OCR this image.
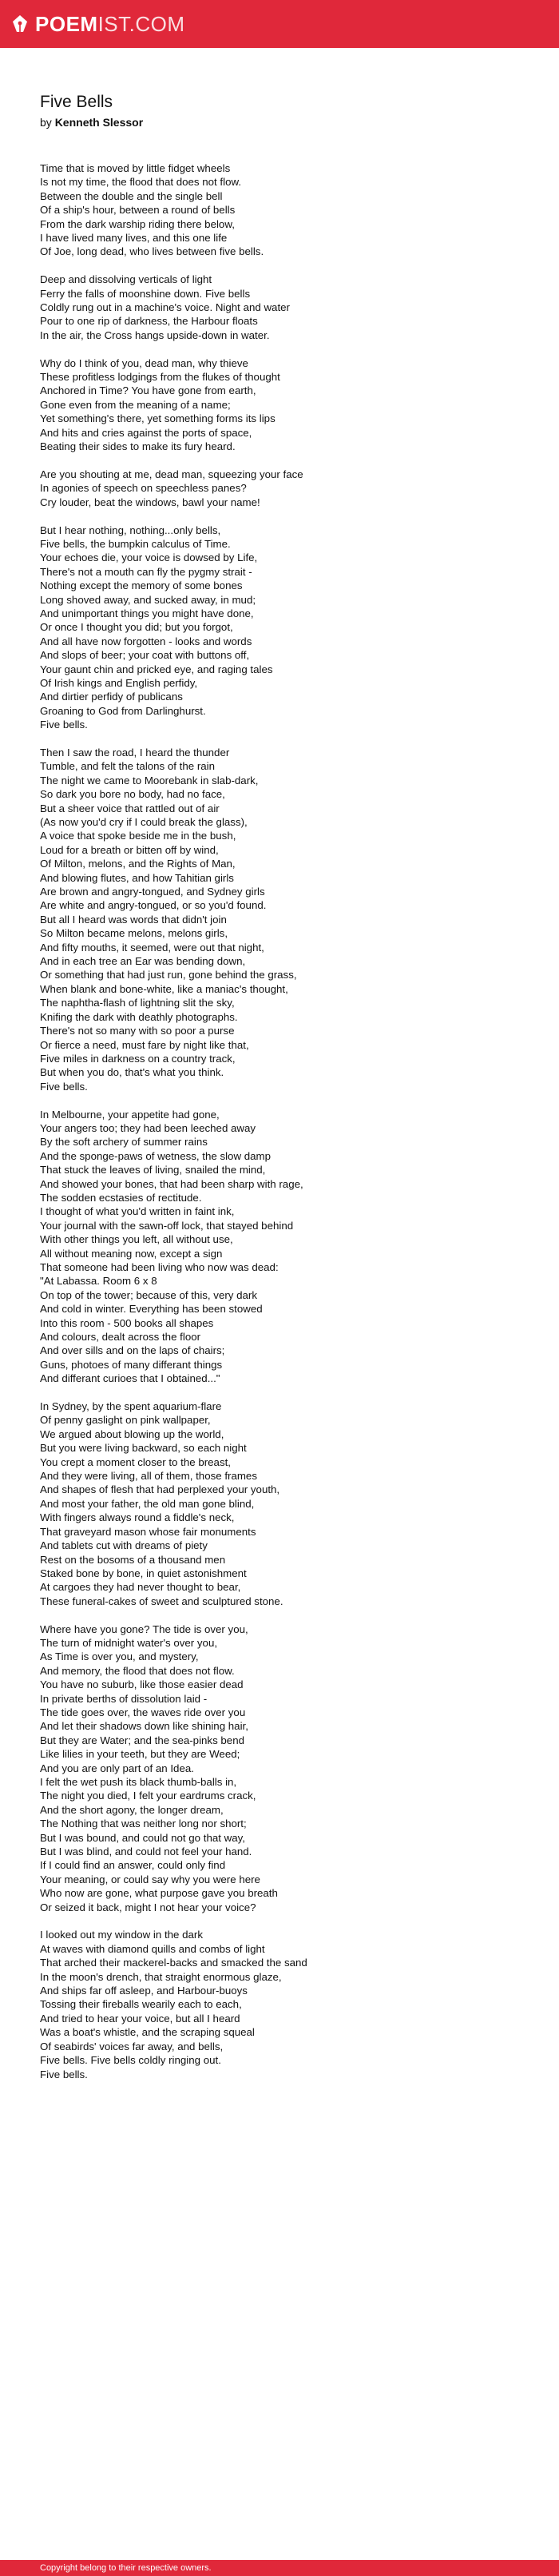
POEM IST.COM
Five Bells
by Kenneth Slessor

Time that is moved by little fidget wheels
Is not my time, the flood that does not flow.
Between the double and the single bell
Of a ship's hour, between a round of bells
From the dark warship riding there below,
I have lived many lives, and this one life
Of Joe, long dead, who lives between five bells.

Deep and dissolving verticals of light
Ferry the falls of moonshine down. Five bells
Coldly rung out in a machine's voice. Night and water
Pour to one rip of darkness, the Harbour floats
In the air, the Cross hangs upside-down in water.

Why do I think of you, dead man, why thieve
These profitless lodgings from the flukes of thought
Anchored in Time? You have gone from earth,
Gone even from the meaning of a name;
Yet something's there, yet something forms its lips
And hits and cries against the ports of space,
Beating their sides to make its fury heard.

Are you shouting at me, dead man, squeezing your face
In agonies of speech on speechless panes?
Cry louder, beat the windows, bawl your name!

But I hear nothing, nothing...only bells,
Five bells, the bumpkin calculus of Time.
Your echoes die, your voice is dowsed by Life,
There's not a mouth can fly the pygmy strait -
Nothing except the memory of some bones
Long shoved away, and sucked away, in mud;
And unimportant things you might have done,
Or once I thought you did; but you forgot,
And all have now forgotten - looks and words
And slops of beer; your coat with buttons off,
Your gaunt chin and pricked eye, and raging tales
Of Irish kings and English perfidy,
And dirtier perfidy of publicans
Groaning to God from Darlinghurst.
Five bells.

Then I saw the road, I heard the thunder
Tumble, and felt the talons of the rain
The night we came to Moorebank in slab-dark,
So dark you bore no body, had no face,
But a sheer voice that rattled out of air
(As now you'd cry if I could break the glass),
A voice that spoke beside me in the bush,
Loud for a breath or bitten off by wind,
Of Milton, melons, and the Rights of Man,
And blowing flutes, and how Tahitian girls
Are brown and angry-tongued, and Sydney girls
Are white and angry-tongued, or so you'd found.
But all I heard was words that didn't join
So Milton became melons, melons girls,
And fifty mouths, it seemed, were out that night,
And in each tree an Ear was bending down,
Or something that had just run, gone behind the grass,
When blank and bone-white, like a maniac's thought,
The naphtha-flash of lightning slit the sky,
Knifing the dark with deathly photographs.
There's not so many with so poor a purse
Or fierce a need, must fare by night like that,
Five miles in darkness on a country track,
But when you do, that's what you think.
Five bells.

In Melbourne, your appetite had gone,
Your angers too; they had been leeched away
By the soft archery of summer rains
And the sponge-paws of wetness, the slow damp
That stuck the leaves of living, snailed the mind,
And showed your bones, that had been sharp with rage,
The sodden ecstasies of rectitude.
I thought of what you'd written in faint ink,
Your journal with the sawn-off lock, that stayed behind
With other things you left, all without use,
All without meaning now, except a sign
That someone had been living who now was dead:
"At Labassa. Room 6 x 8
On top of the tower; because of this, very dark
And cold in winter. Everything has been stowed
Into this room - 500 books all shapes
And colours, dealt across the floor
And over sills and on the laps of chairs;
Guns, photoes of many differant things
And differant curioes that I obtained..."

In Sydney, by the spent aquarium-flare
Of penny gaslight on pink wallpaper,
We argued about blowing up the world,
But you were living backward, so each night
You crept a moment closer to the breast,
And they were living, all of them, those frames
And shapes of flesh that had perplexed your youth,
And most your father, the old man gone blind,
With fingers always round a fiddle's neck,
That graveyard mason whose fair monuments
And tablets cut with dreams of piety
Rest on the bosoms of a thousand men
Staked bone by bone, in quiet astonishment
At cargoes they had never thought to bear,
These funeral-cakes of sweet and sculptured stone.

Where have you gone? The tide is over you,
The turn of midnight water's over you,
As Time is over you, and mystery,
And memory, the flood that does not flow.
You have no suburb, like those easier dead
In private berths of dissolution laid -
The tide goes over, the waves ride over you
And let their shadows down like shining hair,
But they are Water; and the sea-pinks bend
Like lilies in your teeth, but they are Weed;
And you are only part of an Idea.
I felt the wet push its black thumb-balls in,
The night you died, I felt your eardrums crack,
And the short agony, the longer dream,
The Nothing that was neither long nor short;
But I was bound, and could not go that way,
But I was blind, and could not feel your hand.
If I could find an answer, could only find
Your meaning, or could say why you were here
Who now are gone, what purpose gave you breath
Or seized it back, might I not hear your voice?

I looked out my window in the dark
At waves with diamond quills and combs of light
That arched their mackerel-backs and smacked the sand
In the moon's drench, that straight enormous glaze,
And ships far off asleep, and Harbour-buoys
Tossing their fireballs wearily each to each,
And tried to hear your voice, but all I heard
Was a boat's whistle, and the scraping squeal
Of seabirds' voices far away, and bells,
Five bells. Five bells coldly ringing out.
Five bells.

Copyright belong to their respective owners.
